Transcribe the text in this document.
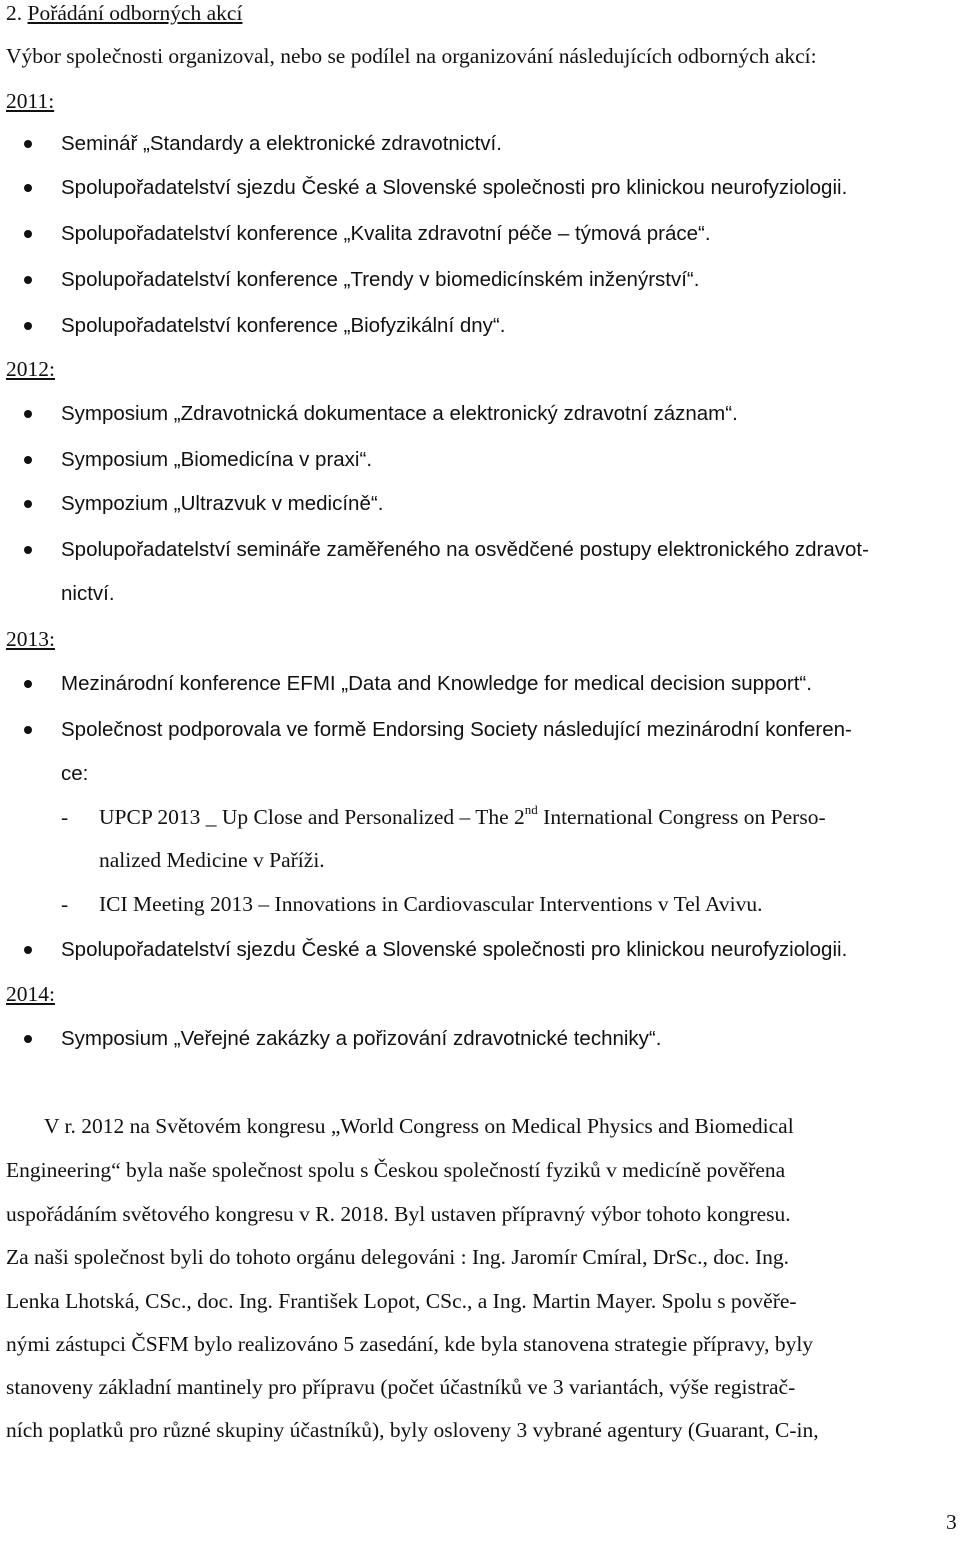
2. Pořádání odborných akcí
Výbor společnosti organizoval, nebo se podílel na organizování následujících odborných akcí:
2011:
Seminář „Standardy a elektronické zdravotnictví.
Spolupořadatelství sjezdu České a Slovenské společnosti pro klinickou neurofyziologii.
Spolupořadatelství konference „Kvalita zdravotní péče – týmová práce“.
Spolupořadatelství konference „Trendy v biomedicínském inženýrství“.
Spolupořadatelství konference „Biofyzikální dny“.
2012:
Symposium „Zdravotnická dokumentace a elektronický zdravotní záznam“.
Symposium „Biomedicína v praxi“.
Sympozium „Ultrazvuk v medicíně“.
Spolupořadatelství semináře zaměřeného na osvědčené postupy elektronického zdravot-
nictví.
2013:
Mezinárodní konference EFMI „Data and Knowledge for medical decision support“.
Společnost podporovala ve formě Endorsing Society následující mezinárodní konferen-
ce:
- UPCP 2013 _ Up Close and Personalized – The 2nd International Congress on Perso-
nalized Medicine v Paříži.
- ICI Meeting 2013 – Innovations in Cardiovascular Interventions v Tel Avivu.
Spolupořadatelství sjezdu České a Slovenské společnosti pro klinickou neurofyziologii.
2014:
Symposium „Veřejné zakázky a pořizování zdravotnické techniky“.
V r. 2012 na Světovém kongresu „World Congress on Medical Physics and Biomedical
Engineering“ byla naše společnost spolu s Českou společností fyziků v medicíně pověřena
uspořádáním světového kongresu v R. 2018. Byl ustaven přípravný výbor tohoto kongresu.
Za naši společnost byli do tohoto orgánu delegováni : Ing. Jaromír Cmíral, DrSc., doc. Ing.
Lenka Lhotská, CSc., doc. Ing. František Lopot, CSc., a Ing. Martin Mayer. Spolu s pověře-
nými zástupci ČSFM bylo realizováno 5 zasedání, kde byla stanovena strategie přípravy, byly
stanoveny základní mantinely pro přípravu (počet účastníků ve 3 variantách, výše registrač-
ních poplatků pro různé skupiny účastníků), byly osloveny 3 vybrané agentury (Guarant, C-in,
3
